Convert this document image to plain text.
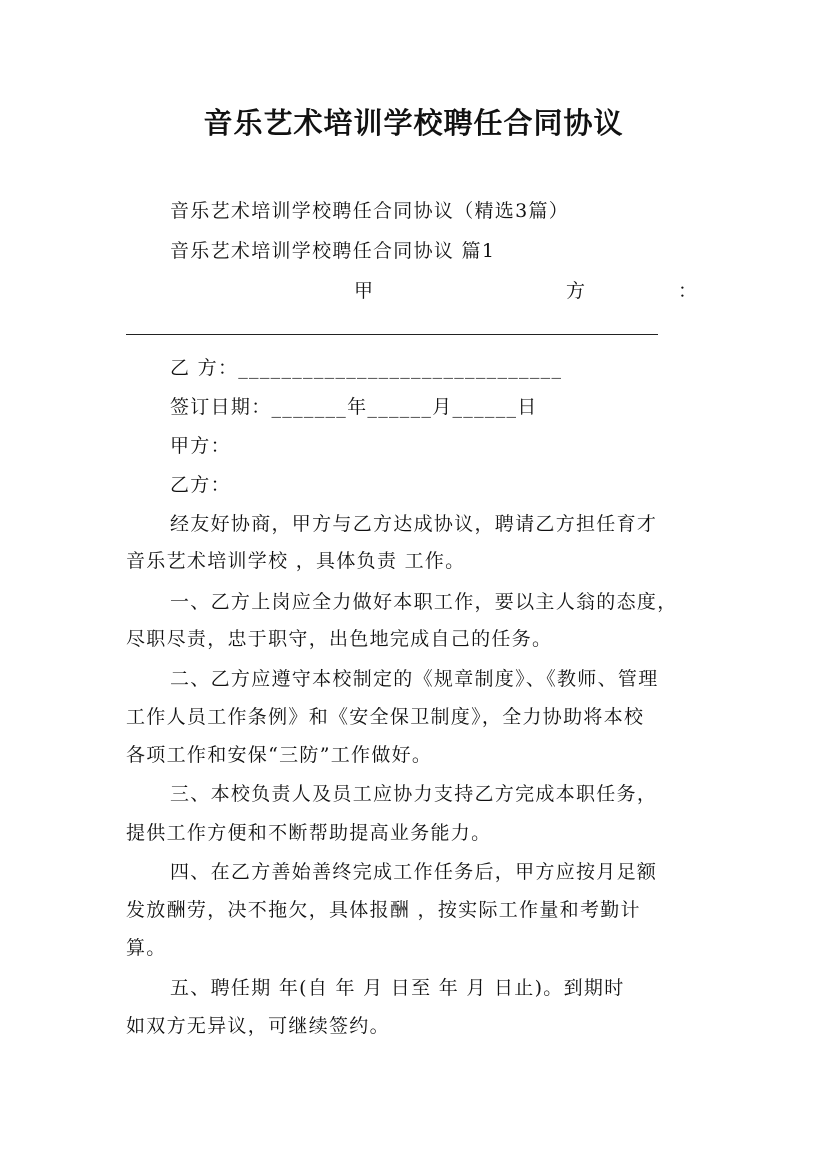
音乐艺术培训学校聘任合同协议
音乐艺术培训学校聘任合同协议（精选3篇）
音乐艺术培训学校聘任合同协议 篇1
甲	方	：
乙 方：______________________________
签订日期：_______年______月______日
甲方：
乙方：
经友好协商，甲方与乙方达成协议，聘请乙方担任育才
音乐艺术培训学校 ，具体负责 工作。
一、乙方上岗应全力做好本职工作，要以主人翁的态度，
尽职尽责，忠于职守，出色地完成自己的任务。
二、乙方应遵守本校制定的《规章制度》、《教师、管理
工作人员工作条例》和《安全保卫制度》，全力协助将本校
各项工作和安保“三防”工作做好。
三、本校负责人及员工应协力支持乙方完成本职任务，
提供工作方便和不断帮助提高业务能力。
四、在乙方善始善终完成工作任务后，甲方应按月足额
发放酬劳，决不拖欠，具体报酬 ，按实际工作量和考勤计
算。
五、聘任期 年(自 年 月 日至 年 月 日止)。到期时
如双方无异议，可继续签约。
